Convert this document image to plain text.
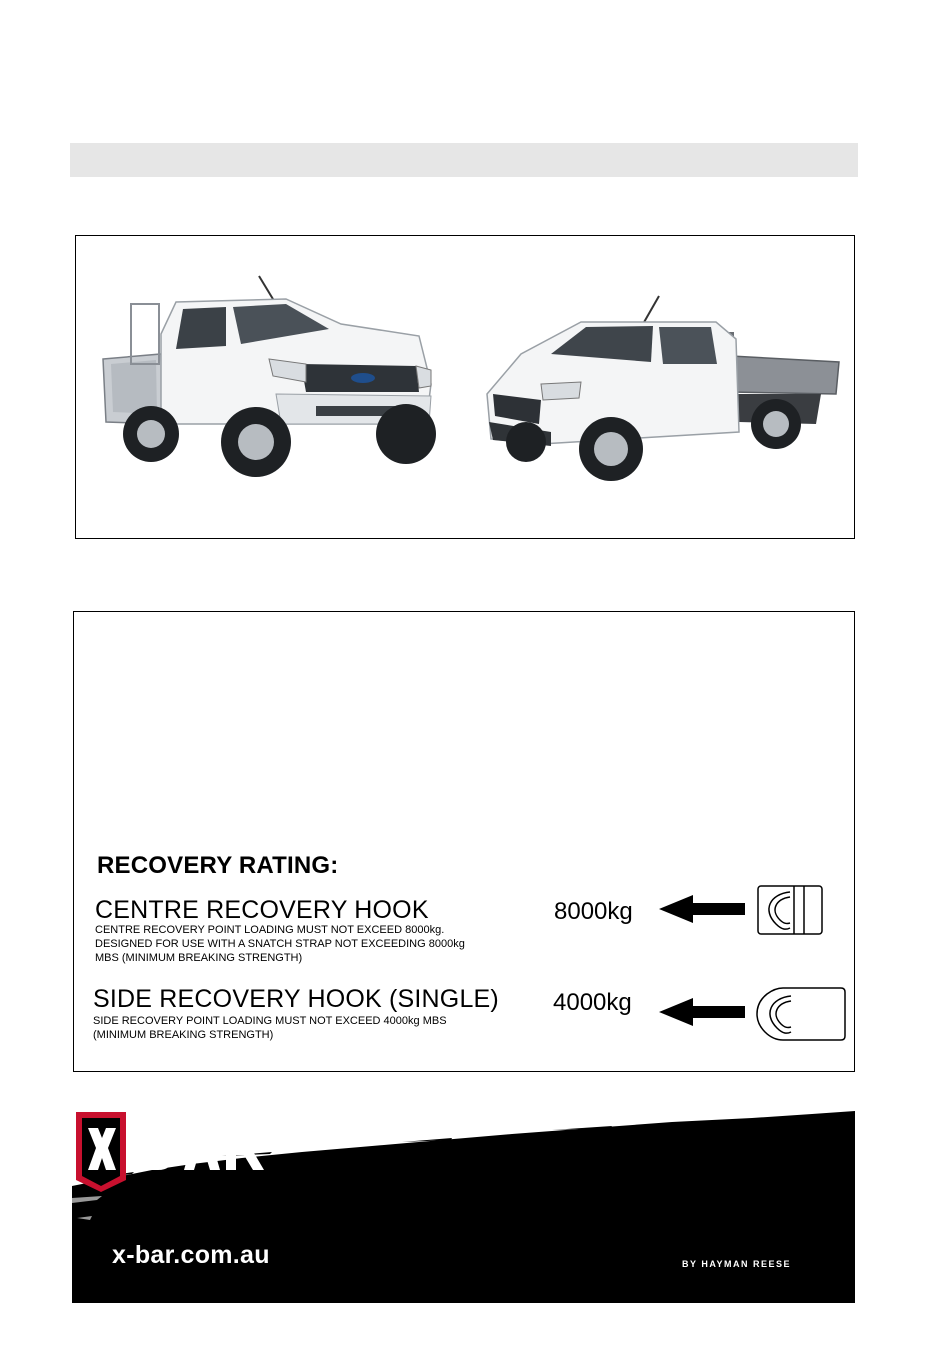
RECOVERY RATING:
CENTRE RECOVERY HOOK
CENTRE RECOVERY POINT LOADING MUST NOT EXCEED 8000kg.
DESIGNED FOR USE WITH A SNATCH STRAP NOT EXCEEDING 8000kg
MBS (MINIMUM BREAKING STRENGTH)
8000kg
SIDE RECOVERY HOOK (SINGLE)
SIDE RECOVERY POINT LOADING MUST NOT EXCEED 4000kg MBS
(MINIMUM BREAKING STRENGTH)
4000kg
x-bar.com.au	BY HAYMAN REESE
